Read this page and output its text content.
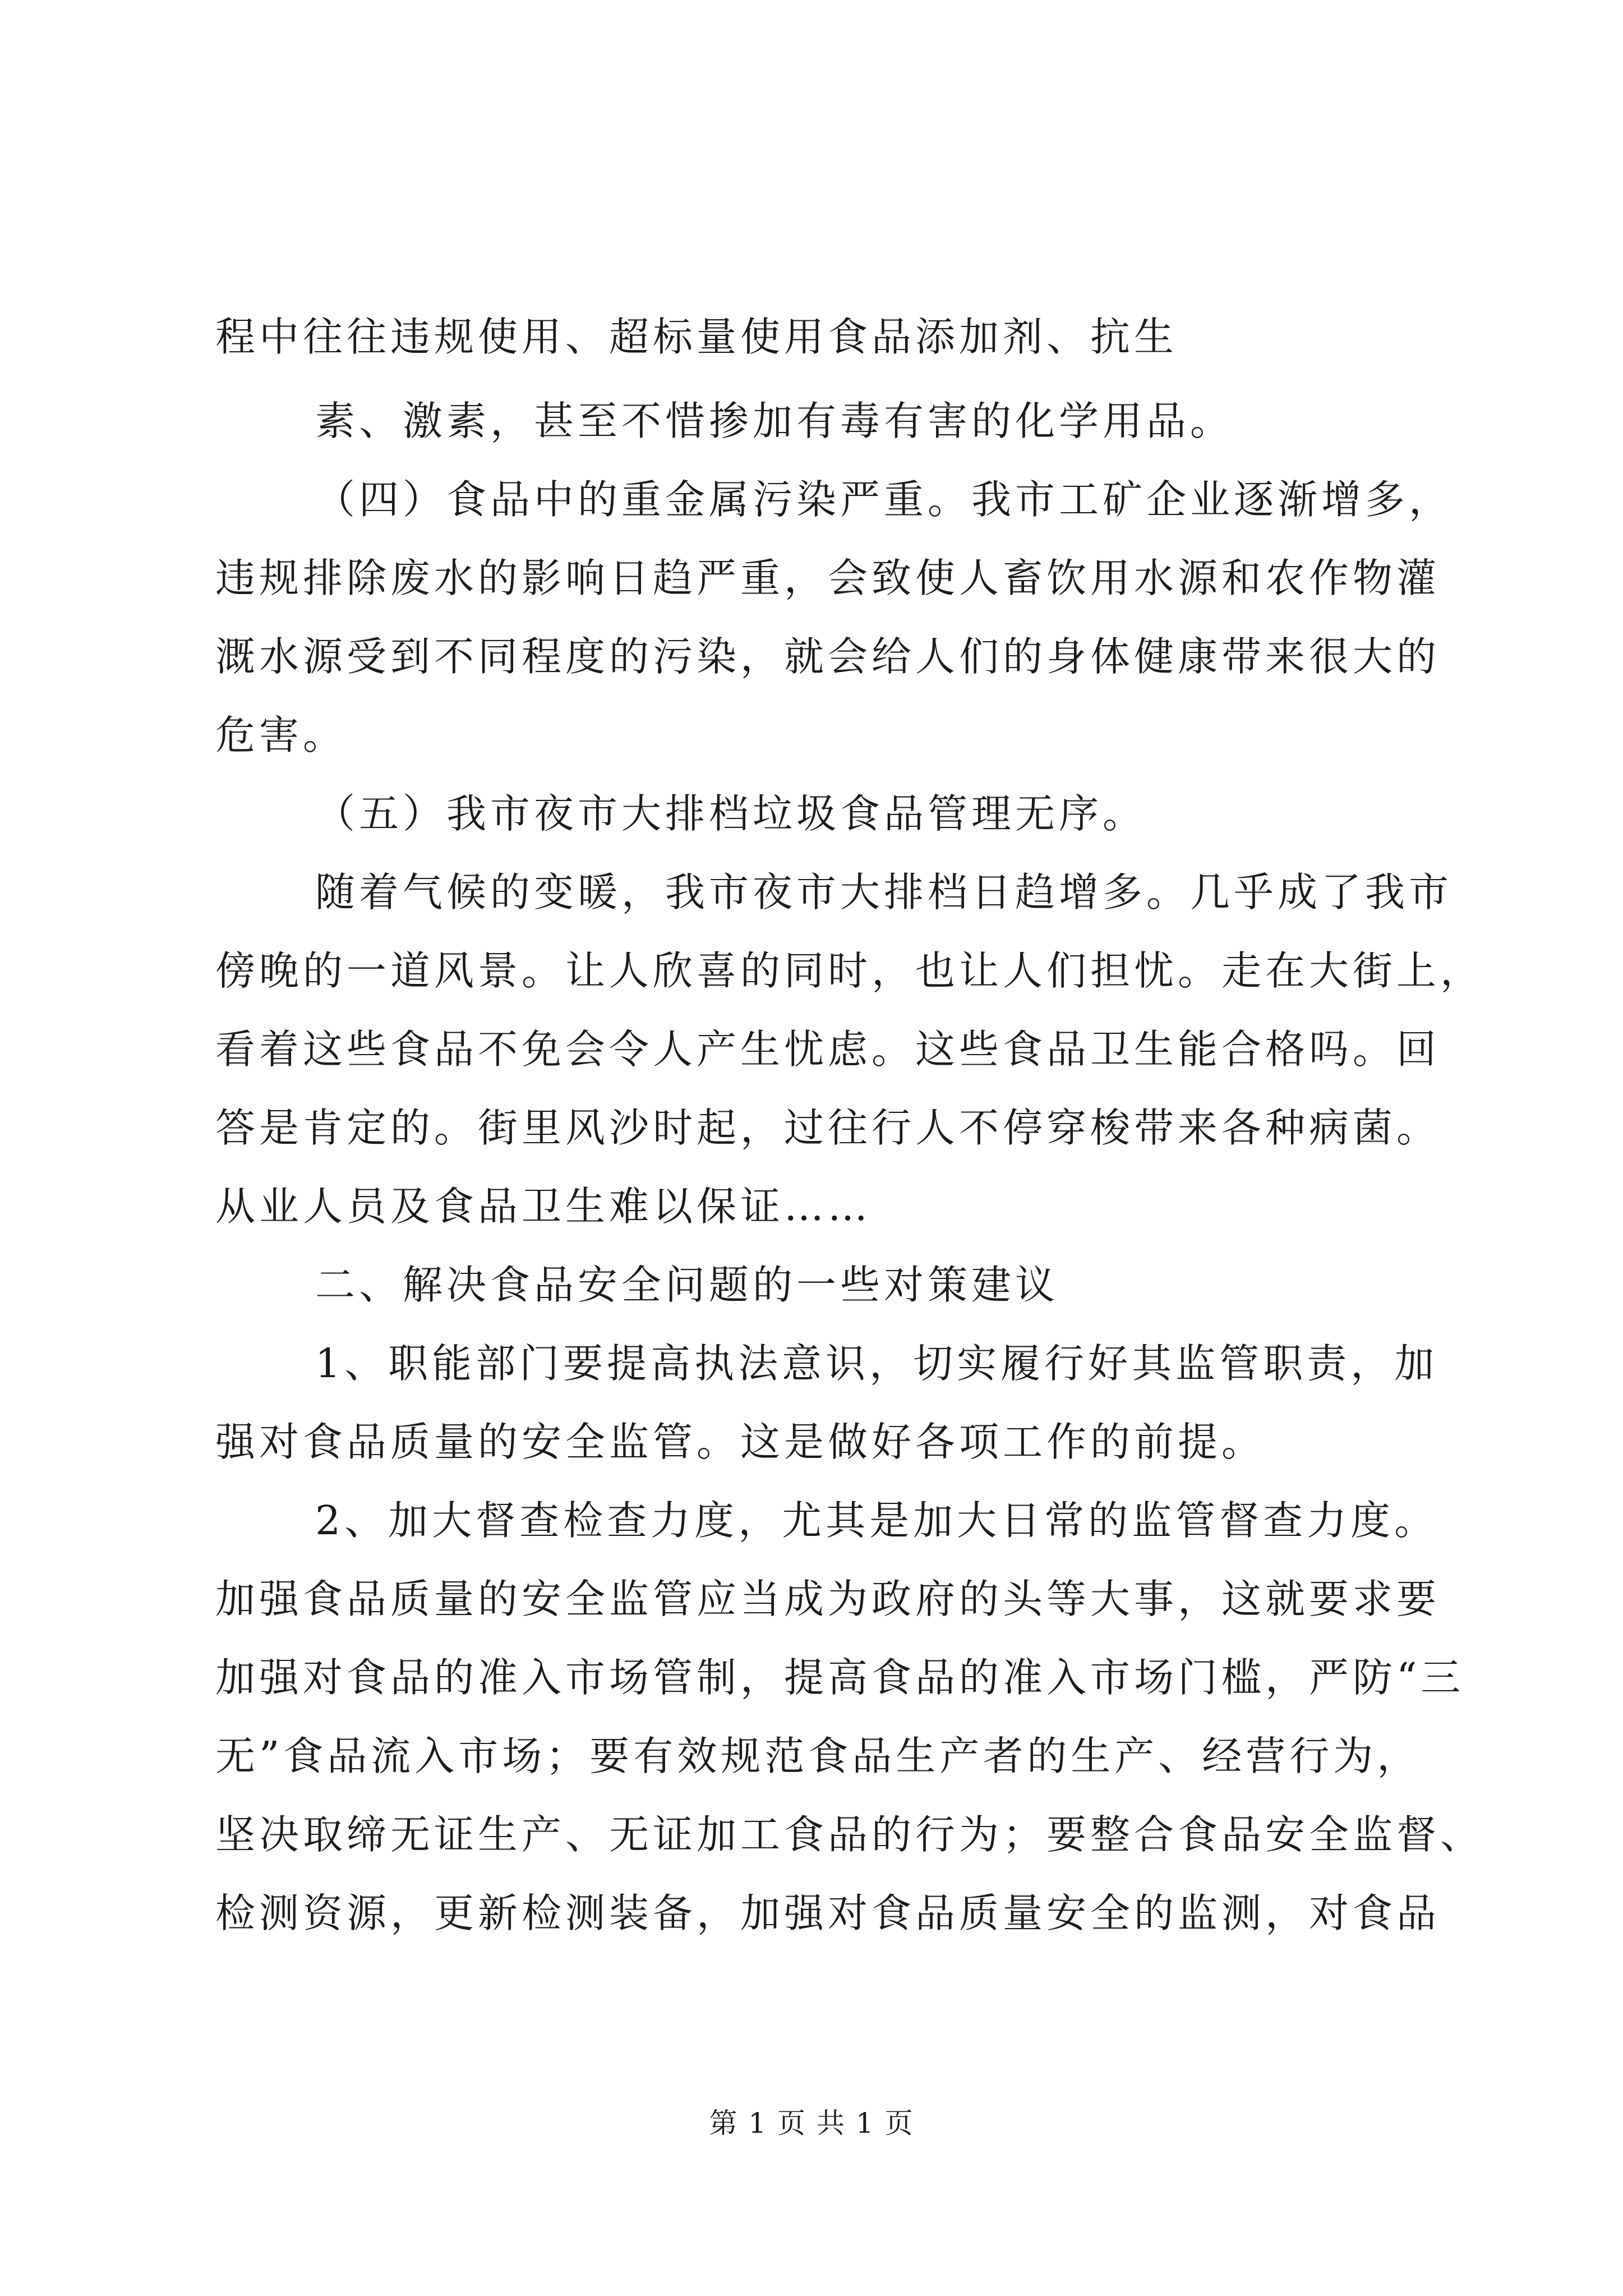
程中往往违规使用、超标量使用食品添加剂、抗生
素、激素，甚至不惜掺加有毒有害的化学用品。
（四）食品中的重金属污染严重。我市工矿企业逐渐增多，
违规排除废水的影响日趋严重，会致使人畜饮用水源和农作物灌
溉水源受到不同程度的污染，就会给人们的身体健康带来很大的
危害。
（五）我市夜市大排档垃圾食品管理无序。
随着气候的变暖，我市夜市大排档日趋增多。几乎成了我市
傍晚的一道风景。让人欣喜的同时，也让人们担忧。走在大街上，
看着这些食品不免会令人产生忧虑。这些食品卫生能合格吗。回
答是肯定的。街里风沙时起，过往行人不停穿梭带来各种病菌。
从业人员及食品卫生难以保证……
二、解决食品安全问题的一些对策建议
1、职能部门要提高执法意识，切实履行好其监管职责，加
强对食品质量的安全监管。这是做好各项工作的前提。
2、加大督查检查力度，尤其是加大日常的监管督查力度。
加强食品质量的安全监管应当成为政府的头等大事，这就要求要
加强对食品的准入市场管制，提高食品的准入市场门槛，严防“三
无”食品流入市场；要有效规范食品生产者的生产、经营行为，
坚决取缔无证生产、无证加工食品的行为；要整合食品安全监督、
检测资源，更新检测装备，加强对食品质量安全的监测，对食品
第 1 页 共 1 页
